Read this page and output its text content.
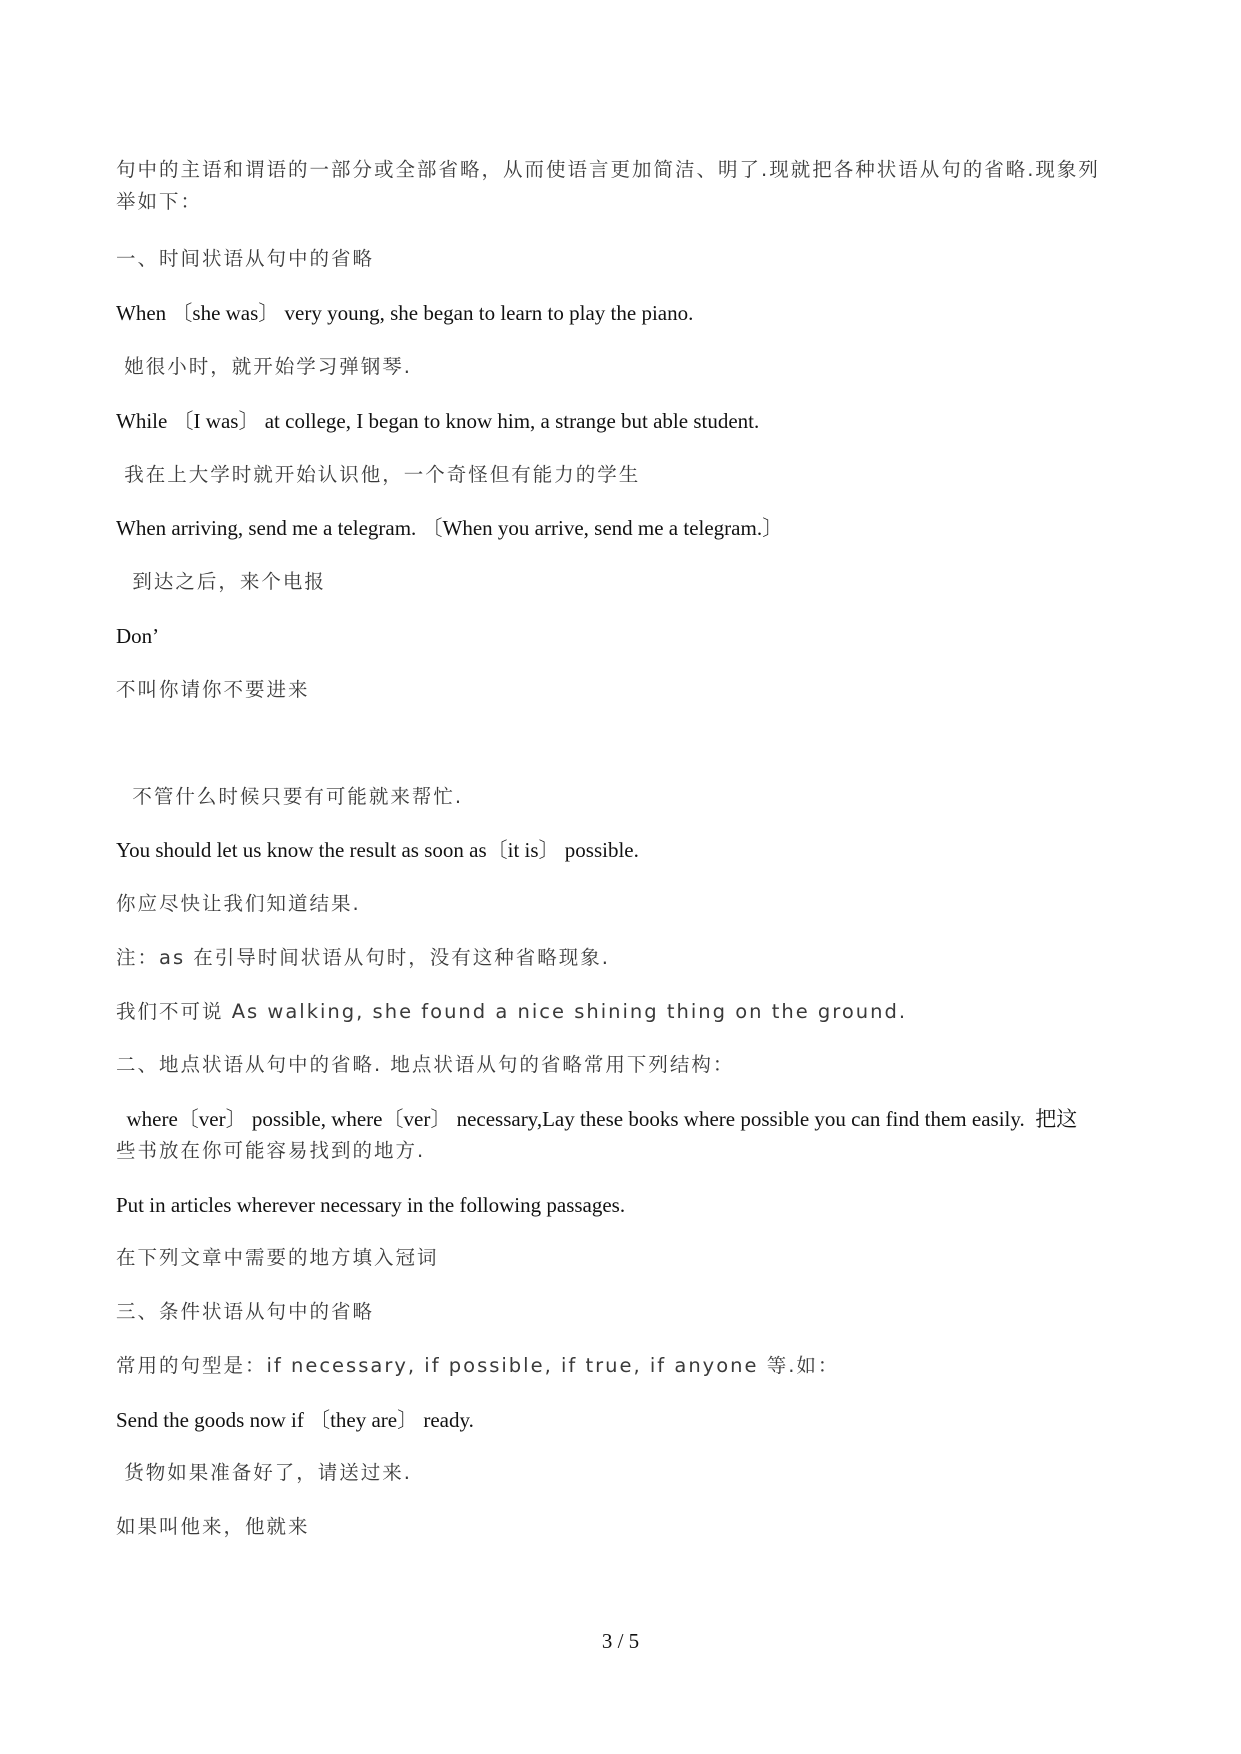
句中的主语和谓语的一部分或全部省略，从而使语言更加简洁、明了.现就把各种状语从句的省略.现象列
举如下：
一、时间状语从句中的省略
When 〔she was〕 very young, she began to learn to play the piano.
她很小时，就开始学习弹钢琴.
While 〔I was〕 at college, I began to know him, a strange but able student.
我在上大学时就开始认识他，一个奇怪但有能力的学生
When arriving, send me a telegram. 〔When you arrive, send me a telegram.〕
到达之后，来个电报
Don’
不叫你请你不要进来
不管什么时候只要有可能就来帮忙.
You should let us know the result as soon as〔it is〕 possible.
你应尽快让我们知道结果.
注：as 在引导时间状语从句时，没有这种省略现象.
我们不可说 As walking, she found a nice shining thing on the ground.
二、地点状语从句中的省略. 地点状语从句的省略常用下列结构：
where〔ver〕 possible, where〔ver〕 necessary,Lay these books where possible you can find them easily.  把这
些书放在你可能容易找到的地方.
Put in articles wherever necessary in the following passages.
在下列文章中需要的地方填入冠词
三、条件状语从句中的省略
常用的句型是：if necessary, if possible, if true, if anyone 等.如：
Send the goods now if 〔they are〕 ready.
货物如果准备好了，请送过来.
如果叫他来，他就来
3 / 5
